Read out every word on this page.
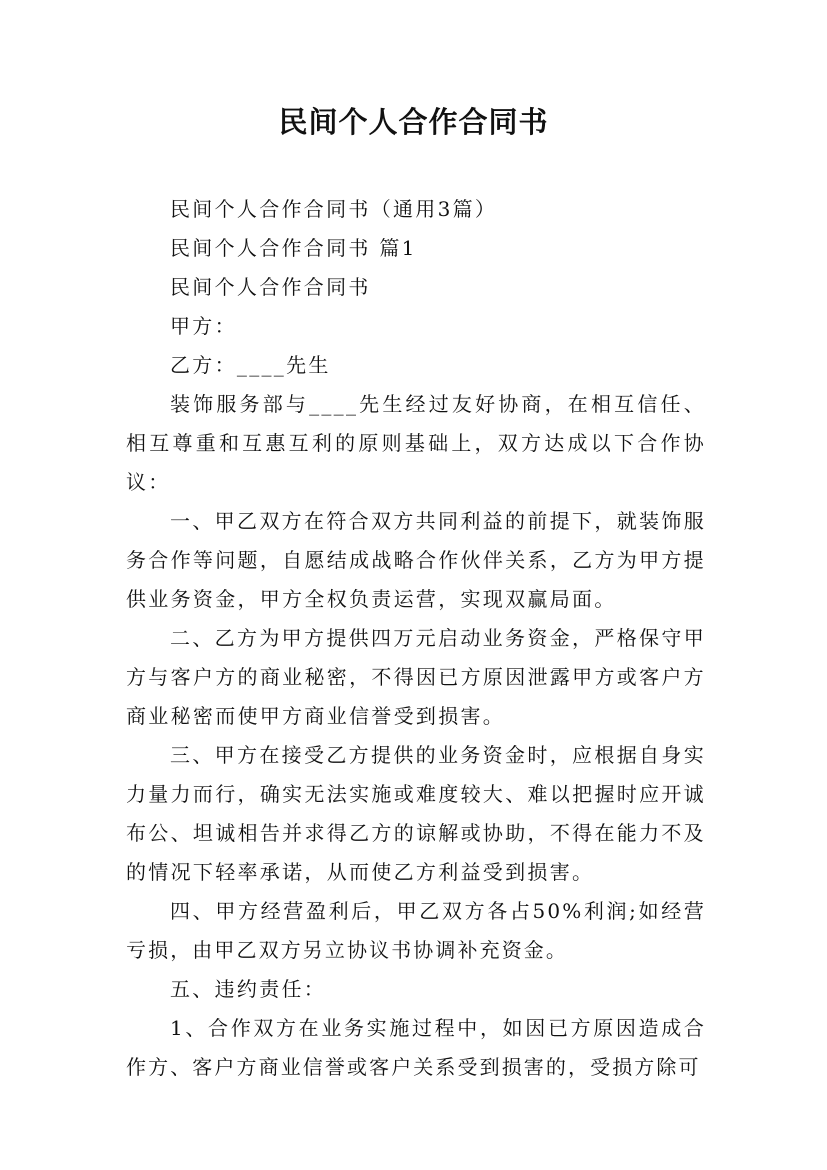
民间个人合作合同书

民间个人合作合同书（通用3篇）

民间个人合作合同书 篇1

民间个人合作合同书

甲方：

乙方：____先生

装饰服务部与____先生经过友好协商，在相互信任、相互尊重和互惠互利的原则基础上，双方达成以下合作协议：

一、甲乙双方在符合双方共同利益的前提下，就装饰服务合作等问题，自愿结成战略合作伙伴关系，乙方为甲方提供业务资金，甲方全权负责运营，实现双赢局面。

二、乙方为甲方提供四万元启动业务资金，严格保守甲方与客户方的商业秘密，不得因已方原因泄露甲方或客户方商业秘密而使甲方商业信誉受到损害。

三、甲方在接受乙方提供的业务资金时，应根据自身实力量力而行，确实无法实施或难度较大、难以把握时应开诚布公、坦诚相告并求得乙方的谅解或协助，不得在能力不及的情况下轻率承诺，从而使乙方利益受到损害。

四、甲方经营盈利后，甲乙双方各占50%利润;如经营亏损，由甲乙双方另立协议书协调补充资金。

五、违约责任：

1、合作双方在业务实施过程中，如因已方原因造成合作方、客户方商业信誉或客户关系受到损害的，受损方除可
